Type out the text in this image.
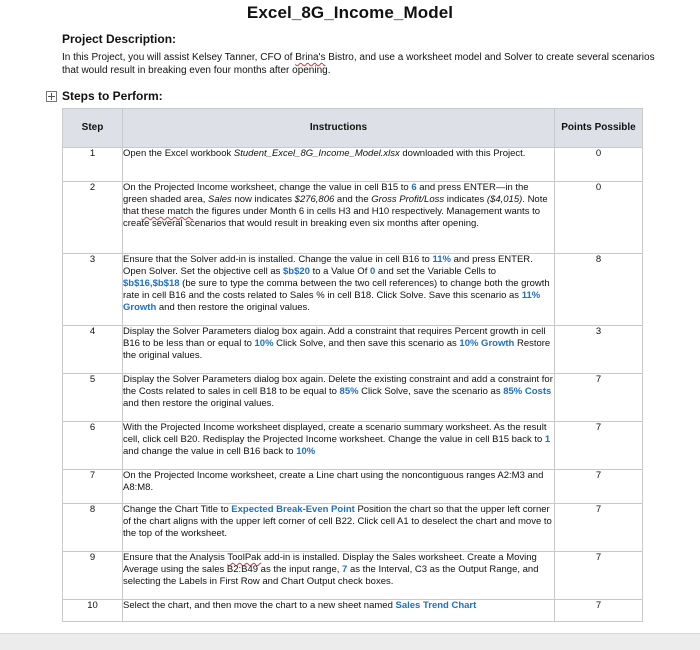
Excel_8G_Income_Model
Project Description:
In this Project, you will assist Kelsey Tanner, CFO of Brina's Bistro, and use a worksheet model and Solver to create several scenarios that would result in breaking even four months after opening.
Steps to Perform:
Step	Instructions	Points Possible
1	Open the Excel workbook Student_Excel_8G_Income_Model.xlsx downloaded with this Project.	0
2	On the Projected Income worksheet, change the value in cell B15 to 6 and press ENTER—in the green shaded area, Sales now indicates $276,806 and the Gross Profit/Loss indicates ($4,015). Note that these match the figures under Month 6 in cells H3 and H10 respectively. Management wants to create several scenarios that would result in breaking even six months after opening.	0
3	Ensure that the Solver add-in is installed. Change the value in cell B16 to 11% and press ENTER. Open Solver. Set the objective cell as $b$20 to a Value Of 0 and set the Variable Cells to $b$16,$b$18 (be sure to type the comma between the two cell references) to change both the growth rate in cell B16 and the costs related to Sales % in cell B18. Click Solve. Save this scenario as 11% Growth and then restore the original values.	8
4	Display the Solver Parameters dialog box again. Add a constraint that requires Percent growth in cell B16 to be less than or equal to 10% Click Solve, and then save this scenario as 10% Growth Restore the original values.	3
5	Display the Solver Parameters dialog box again. Delete the existing constraint and add a constraint for the Costs related to sales in cell B18 to be equal to 85% Click Solve, save the scenario as 85% Costs and then restore the original values.	7
6	With the Projected Income worksheet displayed, create a scenario summary worksheet. As the result cell, click cell B20. Redisplay the Projected Income worksheet. Change the value in cell B15 back to 1 and change the value in cell B16 back to 10%	7
7	On the Projected Income worksheet, create a Line chart using the noncontiguous ranges A2:M3 and A8:M8.	7
8	Change the Chart Title to Expected Break-Even Point Position the chart so that the upper left corner of the chart aligns with the upper left corner of cell B22. Click cell A1 to deselect the chart and move to the top of the worksheet.	7
9	Ensure that the Analysis ToolPak add-in is installed. Display the Sales worksheet. Create a Moving Average using the sales B2:B49 as the input range, 7 as the Interval, C3 as the Output Range, and selecting the Labels in First Row and Chart Output check boxes.	7
10	Select the chart, and then move the chart to a new sheet named Sales Trend Chart	7
